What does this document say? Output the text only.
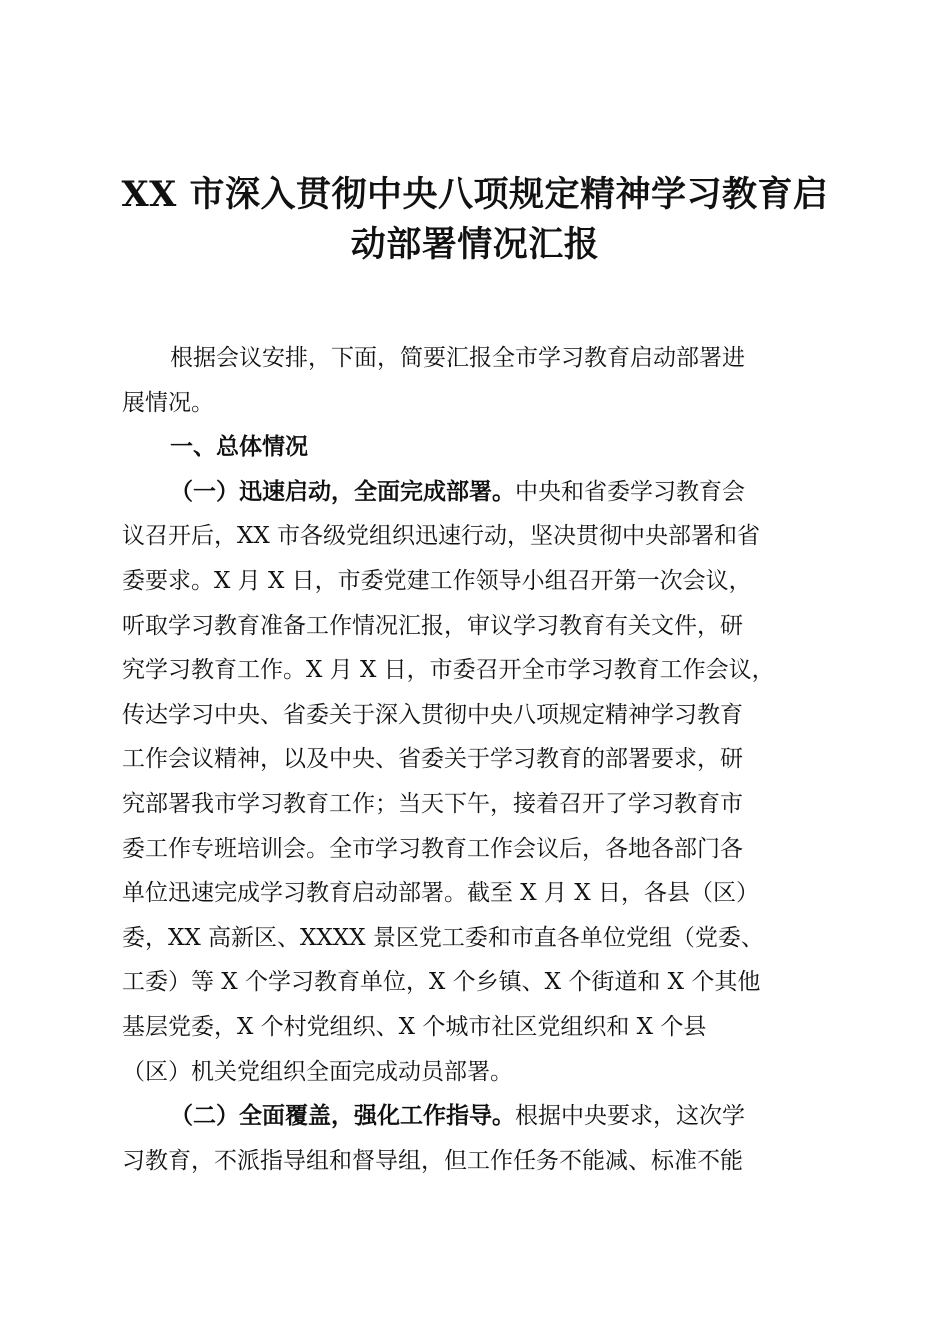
XX 市深入贯彻中央八项规定精神学习教育启
动部署情况汇报

根据会议安排，下面，简要汇报全市学习教育启动部署进
展情况。

一、总体情况

（一）迅速启动，全面完成部署。中央和省委学习教育会
议召开后，XX 市各级党组织迅速行动，坚决贯彻中央部署和省
委要求。X 月 X 日，市委党建工作领导小组召开第一次会议，
听取学习教育准备工作情况汇报，审议学习教育有关文件，研
究学习教育工作。X 月 X 日，市委召开全市学习教育工作会议，
传达学习中央、省委关于深入贯彻中央八项规定精神学习教育
工作会议精神，以及中央、省委关于学习教育的部署要求，研
究部署我市学习教育工作；当天下午，接着召开了学习教育市
委工作专班培训会。全市学习教育工作会议后，各地各部门各
单位迅速完成学习教育启动部署。截至 X 月 X 日，各县（区）
委，XX 高新区、XXXX 景区党工委和市直各单位党组（党委、
工委）等 X 个学习教育单位，X 个乡镇、X 个街道和 X 个其他
基层党委，X 个村党组织、X 个城市社区党组织和 X 个县
（区）机关党组织全面完成动员部署。

（二）全面覆盖，强化工作指导。根据中央要求，这次学
习教育，不派指导组和督导组，但工作任务不能减、标准不能
